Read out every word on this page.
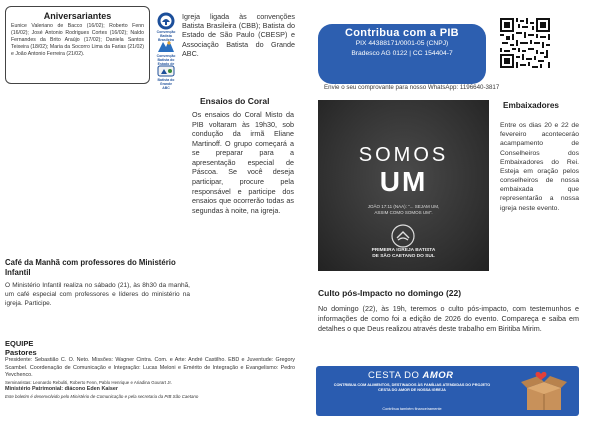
Aniversariantes
Eunice Valeriano de Bacco (16/02); Roberto Fenn (16/02); José Antonio Rodrigues Cortes (16/02); Naldo Fernandes da Brito Araújo (17/02); Daniela Santos Teixeira (18/02); Maria da Socorro Lima da Farias (21/02) e João Antonio Ferreira (21/02).
Convenção Batista Brasileira
Convenção Batista do Estado de
Batista do Grande ABC
Igreja ligada às convenções Batista Brasileira (CBB); Batista do Estado de São Paulo (CBESP) e Associação Batista do Grande ABC.
Ensaios do Coral
Os ensaios do Coral Misto da PIB voltaram às 19h30, sob condução da irmã Eliane Martinoff. O grupo começará a se preparar para a apresentação especial de Páscoa. Se você deseja participar, procure pela responsável e participe dos ensaios que ocorrerão todas as segundas à noite, na igreja.
Café da Manhã com professores do Ministério Infantil
O Ministério Infantil realiza no sábado (21), às 8h30 da manhã, um café especial com professores e líderes do ministério na igreja. Participe.
EQUIPE
Pastores
Presidente: Sebastião C. O. Neto. Missões: Wagner Cintra. Com. e Arte: André Castilho. EBD e Juventude: Gregory Scambel. Coordenação de Comunicação e Integração: Lucas Meloni e Emérito de Integração e Evangelismo: Pedro Yevchenco.
Seminaristas: Leonardo Rebuliti, Roberto Fenn, Pablo Henrique e Ariadina Gourart Jr.
Ministério Patrimonial: diácono Eden Kaiser
Este boletim é desenvolvido pelo Ministério de Comunicação e pela secretaria da PIB São Caetano
Contribua com a PIB
PIX 44388171/0001-05 (CNPJ)
Bradesco AG 0122 | CC 154404-7
Envie o seu comprovante para nosso WhatsApp: 1196640-3817
SOMOS
UM
JOÃO 17:11 (NAA): "... SEJAM UM,
ASSIM COMO SOMOS UM".
PRIMEIRA IGREJA BATISTA
DE SÃO CAETANO DO SUL
Embaixadores
Entre os dias 20 e 22 de fevereiro aconteceráo acampamento de Conselheiros dos Embaixadores do Rei. Esteja em oração pelos conselheiros de nossa embaixada que representarão a nossa igreja neste evento.
Culto pós-Impacto no domingo (22)
No domingo (22), às 19h, teremos o culto pós-impacto, com testemunhos e informações de como foi a edição de 2026 do evento. Compareça e saiba em detalhes o que Deus realizou através deste trabalho em Biritiba Mirim.
CESTA DO AMOR
CONTRIBUA COM ALIMENTOS, DESTINADOS ÀS FAMÍLIAS ATENDIDAS DO PROJETO CESTA DO AMOR DE NOSSA IGREJA
Contribua também financeiramente
